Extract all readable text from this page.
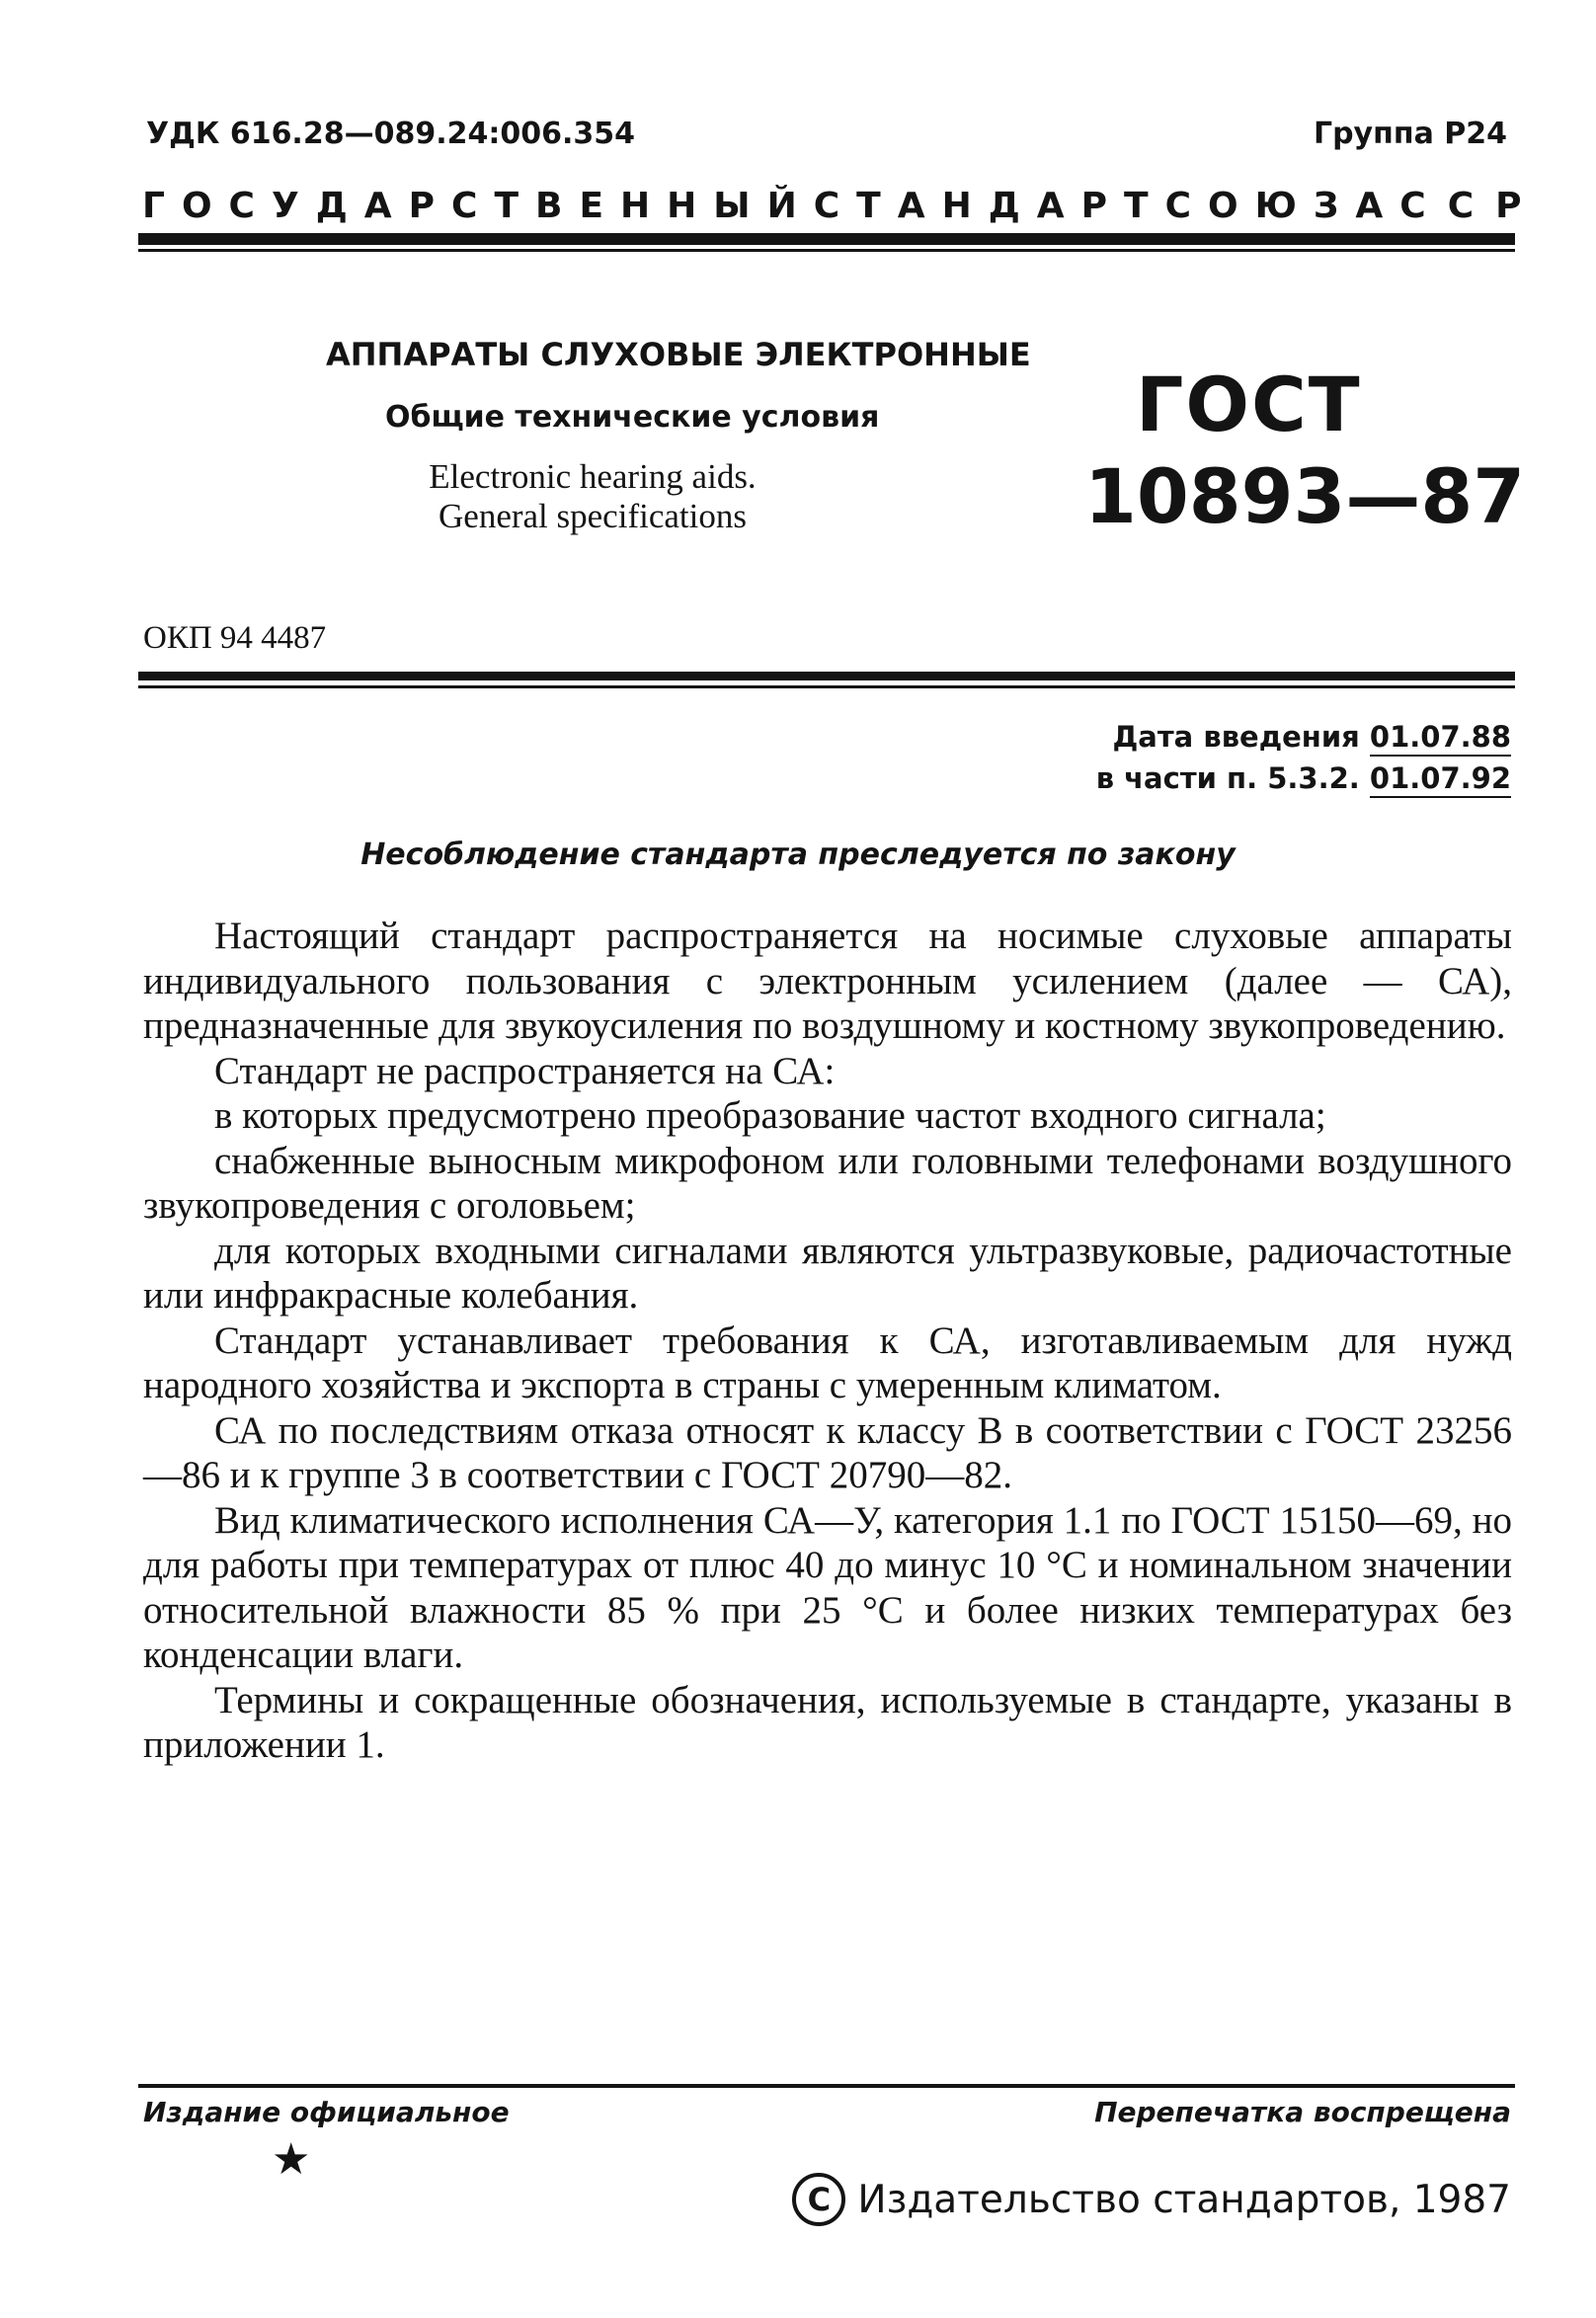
УДК 616.28—089.24:006.354	Группа Р24
ГОСУДАРСТВЕННЫЙ СТАНДАРТ СОЮЗА ССР
АППАРАТЫ СЛУХОВЫЕ ЭЛЕКТРОННЫЕ
Общие технические условия
Electronic hearing aids.
General specifications
ГОСТ
10893—87
ОКП 94 4487
Дата введения 01.07.88
в части п. 5.3.2. 01.07.92
Несоблюдение стандарта преследуется по закону

Настоящий стандарт распространяется на носимые слуховые аппараты индивидуального пользования с электронным усилением (далее — СА), предназначенные для звукоусиления по воздушному и костному звукопроведению.

Стандарт не распространяется на СА:

в которых предусмотрено преобразование частот входного сигнала;

снабженные выносным микрофоном или головными телефонами воздушного звукопроведения с оголовьем;

для которых входными сигналами являются ультразвуковые, радиочастотные или инфракрасные колебания.

Стандарт устанавливает требования к СА, изготавливаемым для нужд народного хозяйства и экспорта в страны с умеренным климатом.

СА по последствиям отказа относят к классу В в соответствии с ГОСТ 23256—86 и к группе 3 в соответствии с ГОСТ 20790—82.

Вид климатического исполнения СА—У, категория 1.1 по ГОСТ 15150—69, но для работы при температурах от плюс 40 до минус 10 °С и номинальном значении относительной влажности 85 % при 25 °С и более низких температурах без конденсации влаги.

Термины и сокращенные обозначения, используемые в стандарте, указаны в приложении 1.

Издание официальное	Перепечатка воспрещена
★
C Издательство стандартов, 1987
